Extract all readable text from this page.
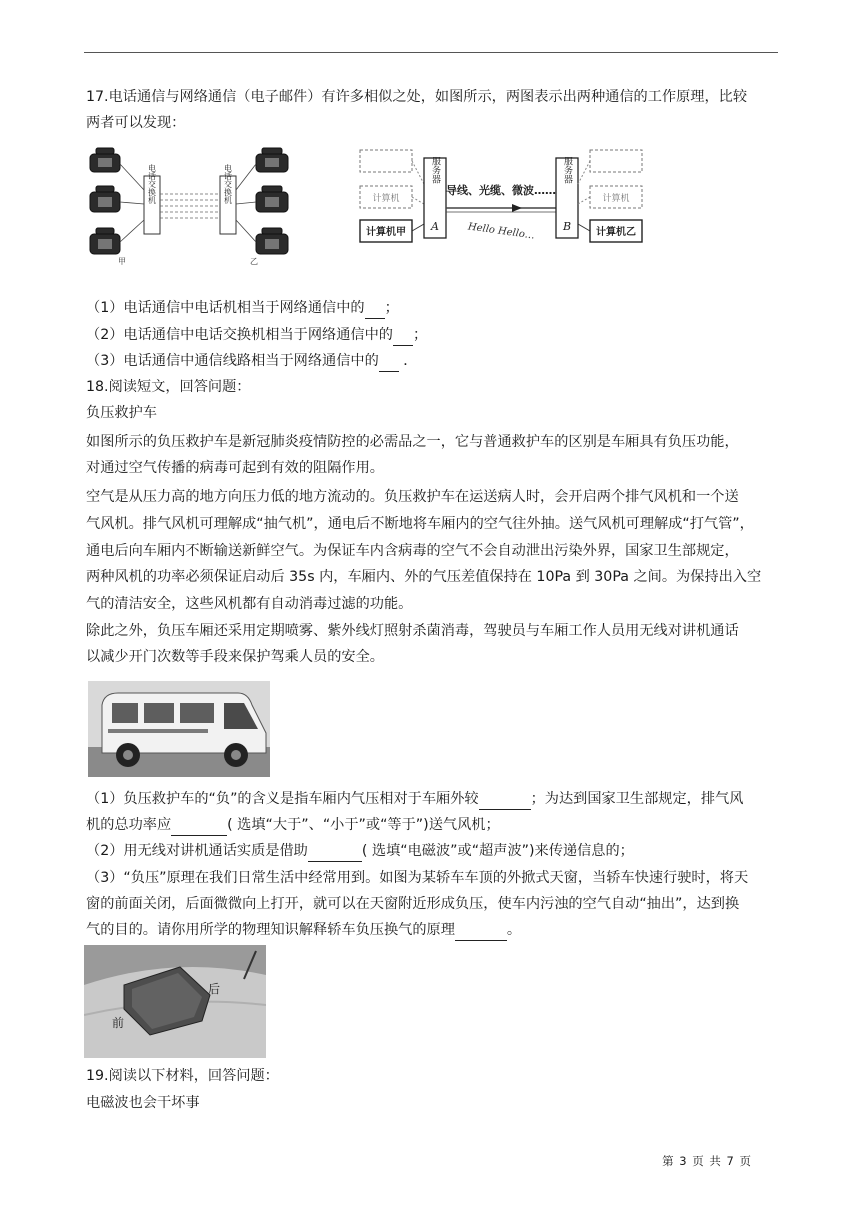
17.电话通信与网络通信（电子邮件）有许多相似之处，如图所示，两图表示出两种通信的工作原理，比较
两者可以发现：
电话交换机	电话交换机
甲	乙
计算机
计算机甲
服务器
A
导线、光缆、微波……
Hello Hello…
服务器
B
计算机
计算机乙
（1）电话通信中电话机相当于网络通信中的 ；
（2）电话通信中电话交换机相当于网络通信中的 ；
（3）电话通信中通信线路相当于网络通信中的 ．
18.阅读短文，回答问题：
负压救护车
如图所示的负压救护车是新冠肺炎疫情防控的必需品之一，它与普通救护车的区别是车厢具有负压功能，
对通过空气传播的病毒可起到有效的阻隔作用。
空气是从压力高的地方向压力低的地方流动的。负压救护车在运送病人时，会开启两个排气风机和一个送
气风机。排气风机可理解成“抽气机”，通电后不断地将车厢内的空气往外抽。送气风机可理解成“打气管”，
通电后向车厢内不断输送新鲜空气。为保证车内含病毒的空气不会自动泄出污染外界，国家卫生部规定，
两种风机的功率必须保证启动后 35s 内，车厢内、外的气压差值保持在 10Pa 到 30Pa 之间。为保持出入空
气的清洁安全，这些风机都有自动消毒过滤的功能。
除此之外，负压车厢还采用定期喷雾、紫外线灯照射杀菌消毒，驾驶员与车厢工作人员用无线对讲机通话
以减少开门次数等手段来保护驾乘人员的安全。
（1）负压救护车的“负”的含义是指车厢内气压相对于车厢外较	；为达到国家卫生部规定，排气风
机的总功率应	( 选填“大于”、“小于”或“等于”)送气风机；
（2）用无线对讲机通话实质是借助	( 选填“电磁波”或“超声波”)来传递信息的；
（3）“负压”原理在我们日常生活中经常用到。如图为某轿车车顶的外掀式天窗，当轿车快速行驶时，将天
窗的前面关闭，后面微微向上打开，就可以在天窗附近形成负压，使车内污浊的空气自动“抽出”，达到换
气的目的。请你用所学的物理知识解释轿车负压换气的原理	。
后
前
19.阅读以下材料，回答问题：
电磁波也会干坏事
第 3 页 共 7 页
